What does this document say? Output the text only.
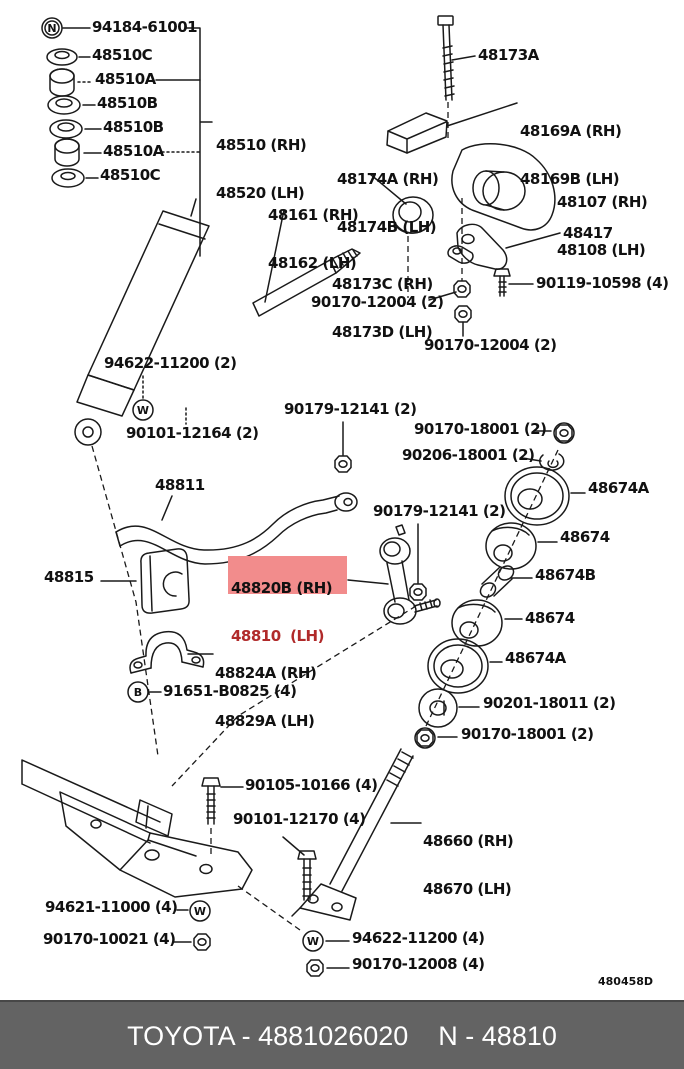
N
W
B
W
W
94184-61001
48510C
48510A
48510B
48510B
48510A
48510C

48510 (RH)

48520 (LH)

48173A

48169A (RH)

48169B (LH)

48174A (RH)

48174B (LH)

48161 (RH)

48162 (LH)

48107 (RH)

48108 (LH)

48173C (RH)

48173D (LH)

48417
90119-10598 (4)
90170-12004 (2)
90170-12004 (2)
94622-11200 (2)
90101-12164 (2)
48811
90179-12141 (2)
90170-18001 (2)
90206-18001 (2)
48674A
90179-12141 (2)
48674
48815

48820B (RH)

48810  (LH)

48674B
48674
48674A
90201-18011 (2)
90170-18001 (2)

48824A (RH)

48829A (LH)

91651-B0825 (4)
90105-10166 (4)
90101-12170 (4)

48660 (RH)

48670 (LH)

94621-11000 (4)
90170-10021 (4)	94622-11200 (4)
90170-12008 (4)
480458D
TOYOTA - 4881026020 N - 48810
